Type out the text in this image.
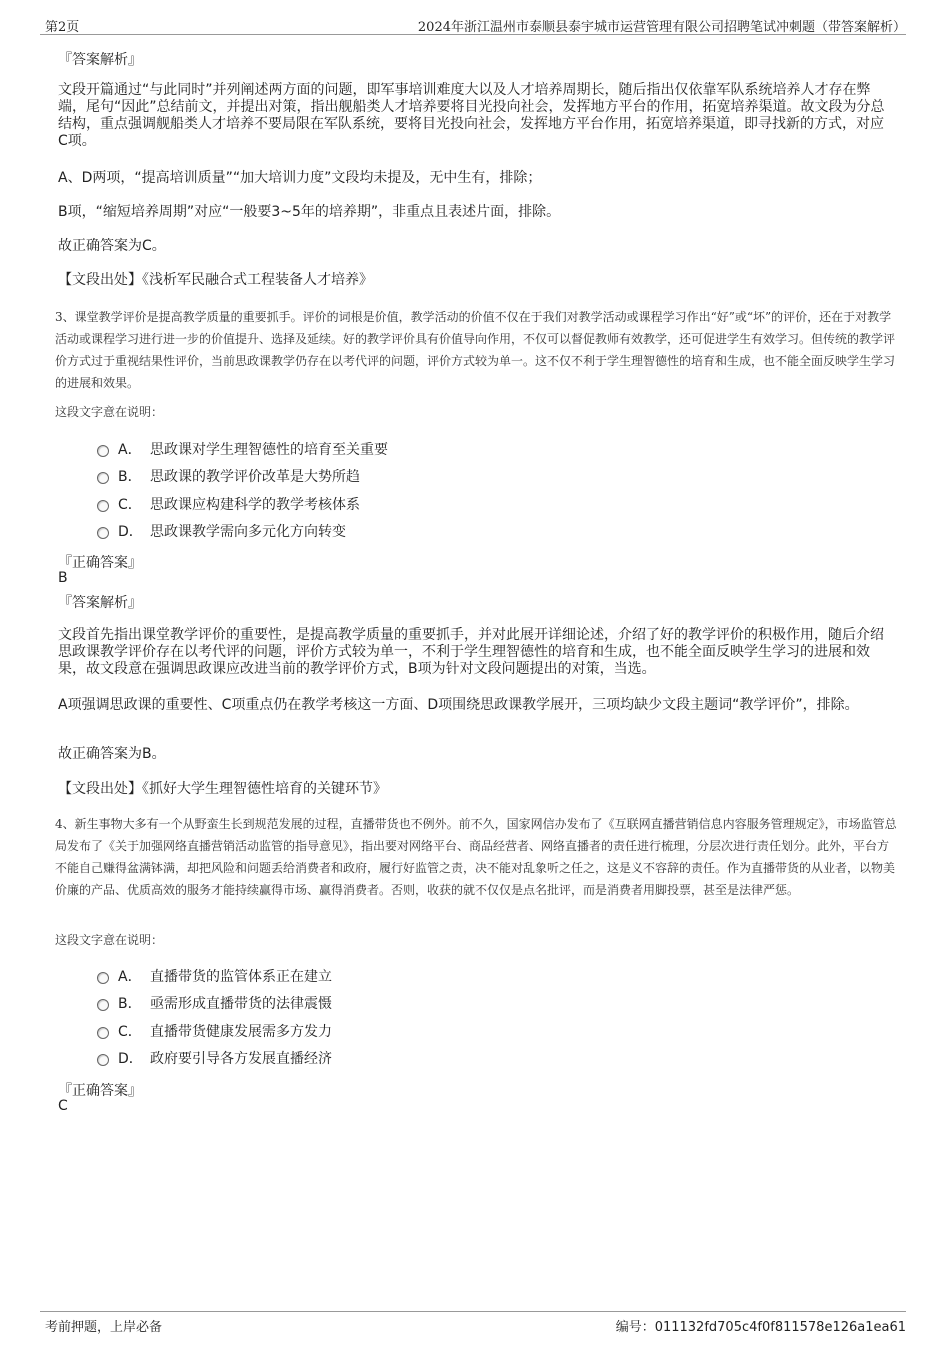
第2页	2024年浙江温州市泰顺县泰宇城市运营管理有限公司招聘笔试冲刺题（带答案解析）
『答案解析』
文段开篇通过“与此同时”并列阐述两方面的问题，即军事培训难度大以及人才培养周期长，随后指出仅依靠军队系统培养人才存在弊端，尾句“因此”总结前文，并提出对策，指出舰船类人才培养要将目光投向社会，发挥地方平台的作用，拓宽培养渠道。故文段为分总结构，重点强调舰船类人才培养不要局限在军队系统，要将目光投向社会，发挥地方平台作用，拓宽培养渠道，即寻找新的方式，对应C项。
A、D两项，“提高培训质量”“加大培训力度”文段均未提及，无中生有，排除；
B项，“缩短培养周期”对应“一般要3~5年的培养期”，非重点且表述片面，排除。
故正确答案为C。
【文段出处】《浅析军民融合式工程装备人才培养》
3、课堂教学评价是提高教学质量的重要抓手。评价的词根是价值，教学活动的价值不仅在于我们对教学活动或课程学习作出“好”或“坏”的评价，还在于对教学活动或课程学习进行进一步的价值提升、选择及延续。好的教学评价具有价值导向作用，不仅可以督促教师有效教学，还可促进学生有效学习。但传统的教学评价方式过于重视结果性评价，当前思政课教学仍存在以考代评的问题，评价方式较为单一。这不仅不利于学生理智德性的培育和生成，也不能全面反映学生学习的进展和效果。
这段文字意在说明：
A． 思政课对学生理智德性的培育至关重要
B． 思政课的教学评价改革是大势所趋
C． 思政课应构建科学的教学考核体系
D． 思政课教学需向多元化方向转变
『正确答案』
B
『答案解析』
文段首先指出课堂教学评价的重要性，是提高教学质量的重要抓手，并对此展开详细论述，介绍了好的教学评价的积极作用，随后介绍思政课教学评价存在以考代评的问题，评价方式较为单一，不利于学生理智德性的培育和生成，也不能全面反映学生学习的进展和效果，故文段意在强调思政课应改进当前的教学评价方式，B项为针对文段问题提出的对策，当选。
A项强调思政课的重要性、C项重点仍在教学考核这一方面、D项围绕思政课教学展开，三项均缺少文段主题词“教学评价”，排除。
故正确答案为B。
【文段出处】《抓好大学生理智德性培育的关键环节》
4、新生事物大多有一个从野蛮生长到规范发展的过程，直播带货也不例外。前不久，国家网信办发布了《互联网直播营销信息内容服务管理规定》，市场监管总局发布了《关于加强网络直播营销活动监管的指导意见》，指出要对网络平台、商品经营者、网络直播者的责任进行梳理，分层次进行责任划分。此外，平台方不能自己赚得盆满钵满，却把风险和问题丢给消费者和政府，履行好监管之责，决不能对乱象听之任之，这是义不容辞的责任。作为直播带货的从业者，以物美价廉的产品、优质高效的服务才能持续赢得市场、赢得消费者。否则，收获的就不仅仅是点名批评，而是消费者用脚投票，甚至是法律严惩。
这段文字意在说明：
A． 直播带货的监管体系正在建立
B． 亟需形成直播带货的法律震慑
C． 直播带货健康发展需多方发力
D． 政府要引导各方发展直播经济
『正确答案』
C
考前押题，上岸必备	编号：011132fd705c4f0f811578e126a1ea61
